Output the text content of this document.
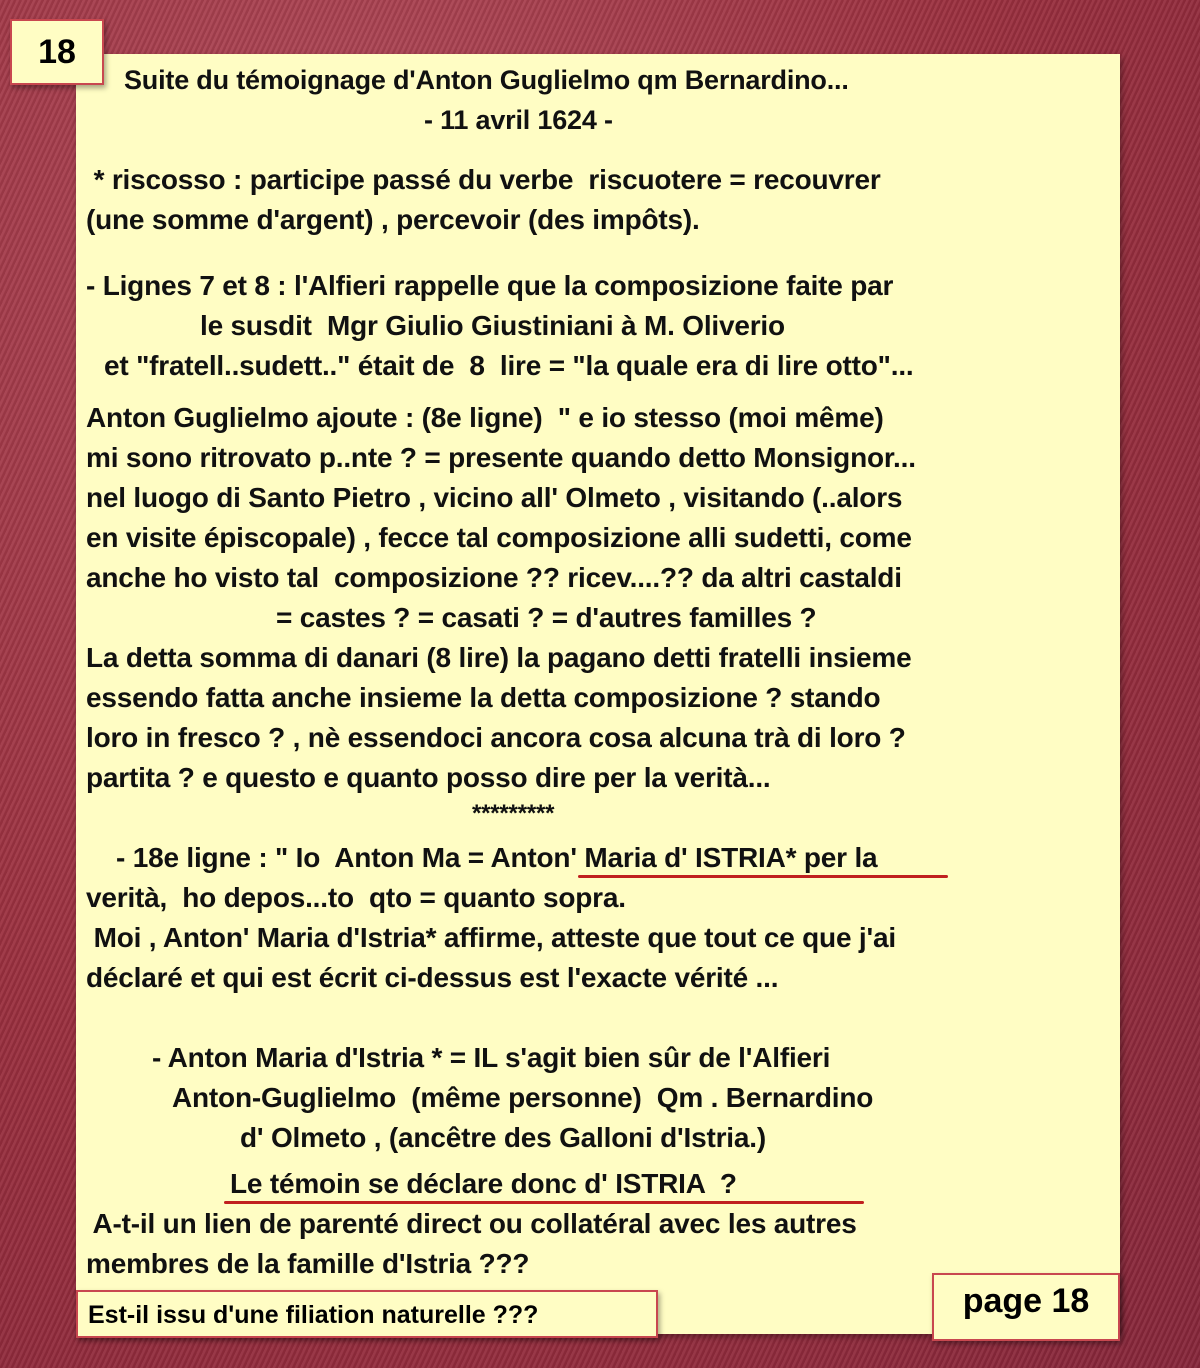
18
Suite du témoignage d'Anton Guglielmo qm Bernardino...
- 11 avril 1624 -
* riscosso : participe passé du verbe  riscuotere = recouvrer
(une somme d'argent) , percevoir (des impôts).
- Lignes 7 et 8 : l'Alfieri rappelle que la composizione faite par
le susdit  Mgr Giulio Giustiniani à M. Oliverio
et "fratell..sudett.." était de  8  lire = "la quale era di lire otto"...
Anton Guglielmo ajoute : (8e ligne)  " e io stesso (moi même)
mi sono ritrovato p..nte ? = presente quando detto Monsignor...
nel luogo di Santo Pietro , vicino all' Olmeto , visitando (..alors
en visite épiscopale) , fecce tal composizione alli sudetti, come
anche ho visto tal  composizione ?? ricev....?? da altri castaldi
= castes ? = casati ? = d'autres familles ?
La detta somma di danari (8 lire) la pagano detti fratelli insieme
essendo fatta anche insieme la detta composizione ? stando
loro in fresco ? , nè essendoci ancora cosa alcuna trà di loro ?
partita ? e questo e quanto posso dire per la verità...
*********
- 18e ligne : " Io  Anton Ma = Anton' Maria d' ISTRIA* per la
verità,  ho depos...to  qto = quanto sopra.
Moi , Anton' Maria d'Istria* affirme, atteste que tout ce que j'ai
déclaré et qui est écrit ci-dessus est l'exacte vérité ...
- Anton Maria d'Istria * = IL s'agit bien sûr de l'Alfieri
Anton-Guglielmo  (même personne)  Qm . Bernardino
d' Olmeto , (ancêtre des Galloni d'Istria.)
Le témoin se déclare donc d' ISTRIA  ?
A-t-il un lien de parenté direct ou collatéral avec les autres
membres de la famille d'Istria ???
Est-il issu d'une filiation naturelle ???	page 18
